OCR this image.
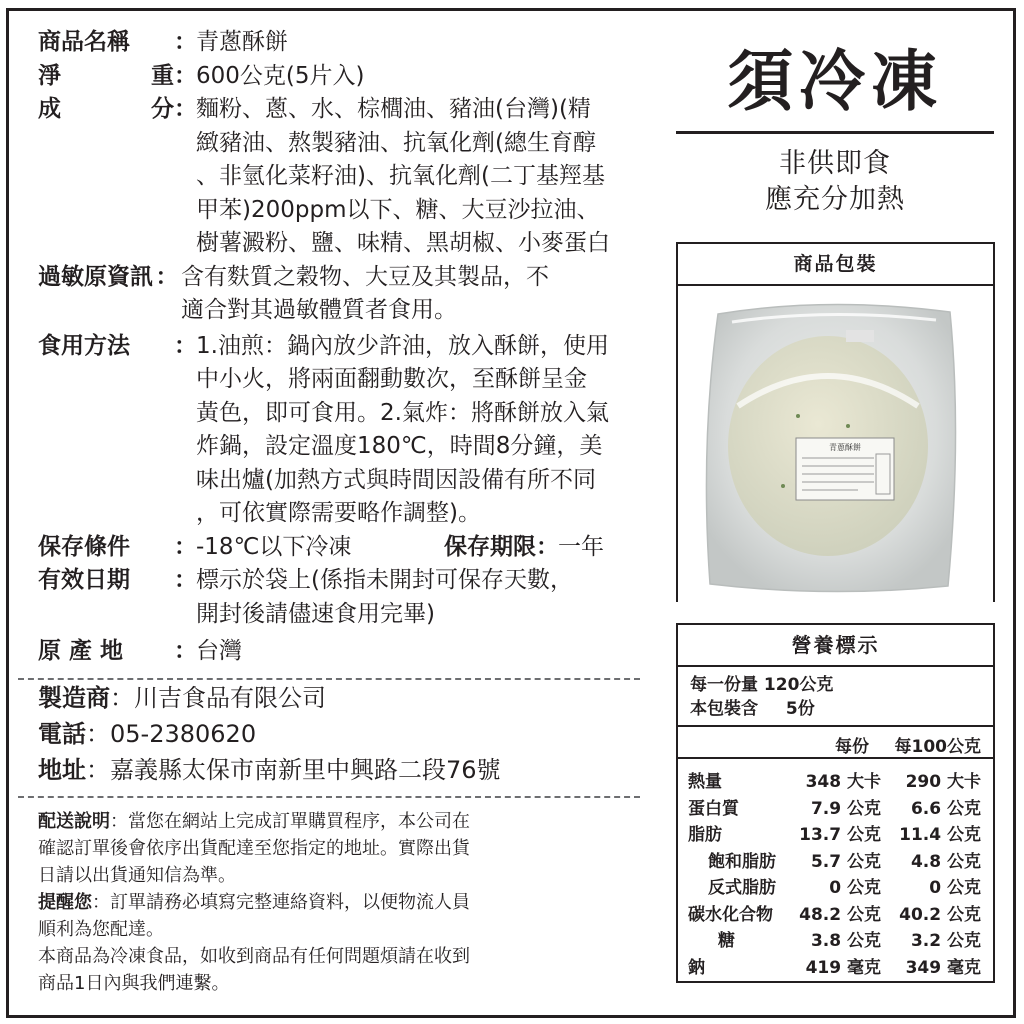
商品名稱	： 青蔥酥餅
淨	重 ： 600公克(5片入)
成	分 ： 麵粉、蔥、水、棕櫚油、豬油(台灣)(精
緻豬油、熬製豬油、抗氧化劑(總生育醇
、非氫化菜籽油)、抗氧化劑(二丁基羥基
甲苯)200ppm以下、糖、大豆沙拉油、
樹薯澱粉、鹽、味精、黑胡椒、小麥蛋白
過敏原資訊 ： 含有麩質之穀物、大豆及其製品，不
適合對其過敏體質者食用。
食用方法	： 1.油煎：鍋內放少許油，放入酥餅，使用
中小火，將兩面翻動數次，至酥餅呈金
黃色，即可食用。2.氣炸：將酥餅放入氣
炸鍋，設定溫度180℃，時間8分鐘，美
味出爐(加熱方式與時間因設備有所不同
，可依實際需要略作調整)。
保存條件	： -18℃以下冷凍	保存期限 ： 一年
有效日期	： 標示於袋上(係指未開封可保存天數，
開封後請儘速食用完畢)
原 產 地	： 台灣
製造商：川吉食品有限公司
電話：05-2380620
地址：嘉義縣太保市南新里中興路二段76號
配送說明：當您在網站上完成訂單購買程序，本公司在
確認訂單後會依序出貨配達至您指定的地址。實際出貨
日請以出貨通知信為準。
提醒您：訂單請務必填寫完整連絡資料，以便物流人員
順利為您配達。
本商品為冷凍食品，如收到商品有任何問題煩請在收到
商品1日內與我們連繫。
須冷凍
非供即食
應充分加熱
商品包裝
青蔥酥餅
營養標示
每一份量 120公克
本包裝含 5份
每份 每100公克
熱量	348 大卡 290 大卡
蛋白質	7.9 公克 6.6 公克
脂肪	13.7 公克 11.4 公克
飽和脂肪 5.7 公克 4.8 公克
反式脂肪	0 公克	0 公克
碳水化合物 48.2 公克 40.2 公克
糖	3.8 公克 3.2 公克
鈉	419 毫克 349 毫克
